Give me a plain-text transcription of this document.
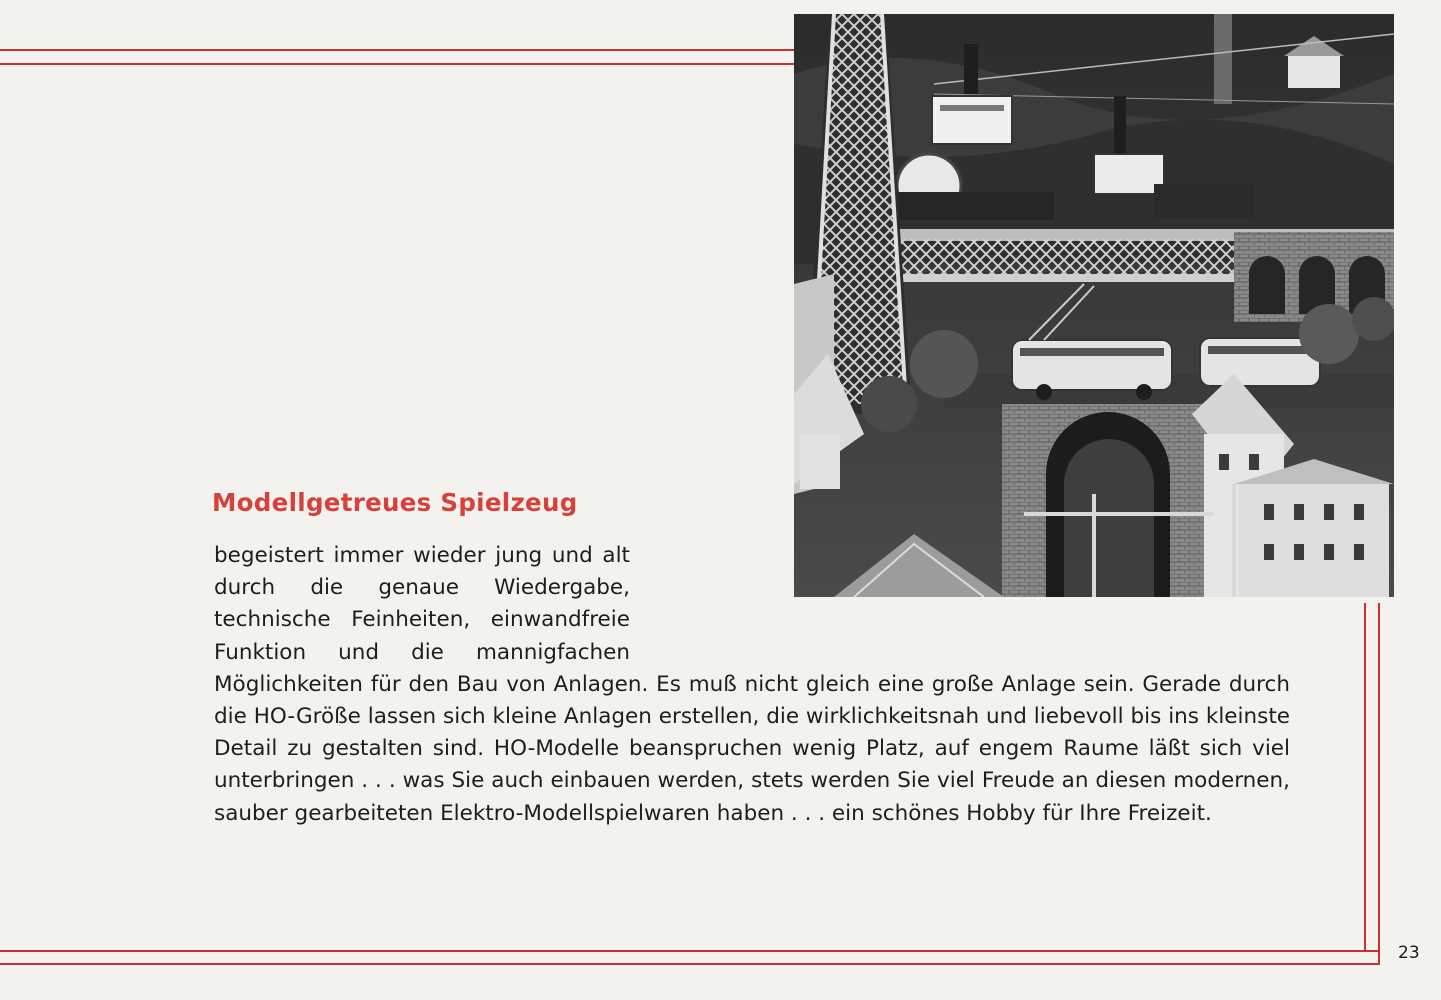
Modellgetreues Spielzeug

begeistert immer wieder jung und alt durch die genaue Wiedergabe, technische Feinheiten, einwandfreie Funktion und die mannigfachen Möglichkeiten für den Bau von Anlagen. Es muß nicht gleich eine große Anlage sein. Gerade durch die HO-Größe lassen sich kleine Anlagen erstellen, die wirklichkeitsnah und liebevoll bis ins kleinste Detail zu gestalten sind. HO-Modelle beanspruchen wenig Platz, auf engem Raume läßt sich viel unterbringen . . . was Sie auch einbauen werden, stets werden Sie viel Freude an diesen modernen, sauber gearbeiteten Elektro-Modellspielwaren haben . . . ein schönes Hobby für Ihre Freizeit.

23
